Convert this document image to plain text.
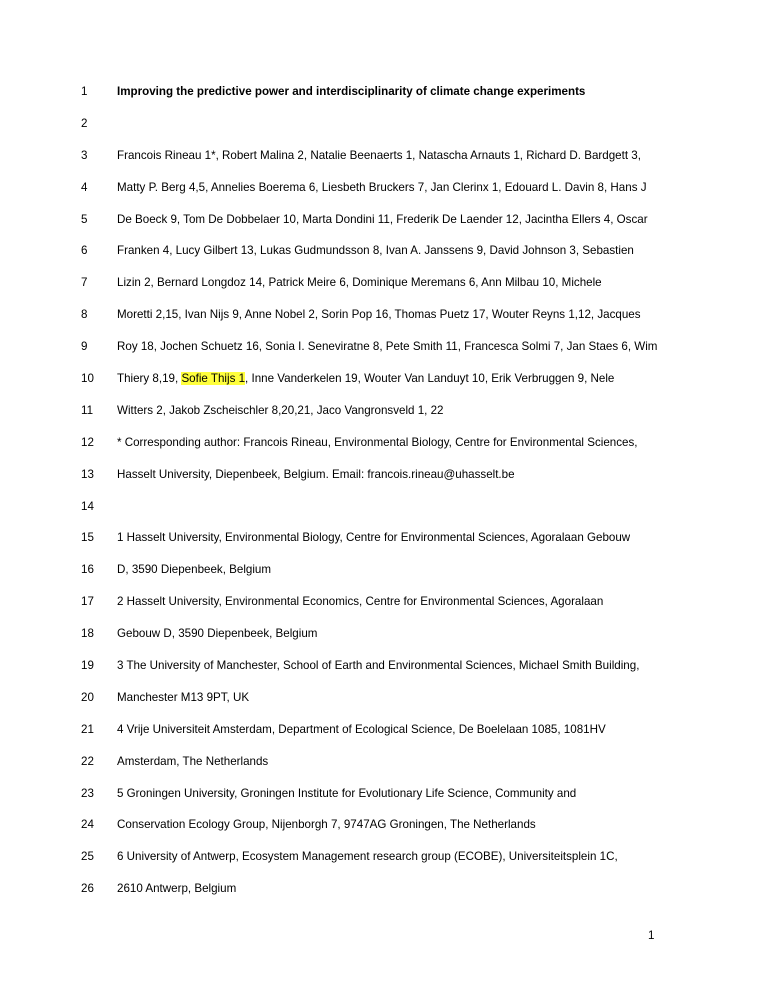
1	Improving the predictive power and interdisciplinarity of climate change experiments
2
3	Francois Rineau 1*, Robert Malina 2, Natalie Beenaerts 1, Natascha Arnauts 1, Richard D. Bardgett 3,
4	Matty P. Berg 4,5, Annelies Boerema 6, Liesbeth Bruckers 7, Jan Clerinx 1, Edouard L. Davin 8, Hans J
5	De Boeck 9, Tom De Dobbelaer 10, Marta Dondini 11, Frederik De Laender 12, Jacintha Ellers 4, Oscar
6	Franken 4, Lucy Gilbert 13, Lukas Gudmundsson 8, Ivan A. Janssens 9, David Johnson 3, Sebastien
7	Lizin 2, Bernard Longdoz 14, Patrick Meire 6, Dominique Meremans 6, Ann Milbau 10, Michele
8	Moretti 2,15, Ivan Nijs 9, Anne Nobel 2, Sorin Pop 16, Thomas Puetz 17, Wouter Reyns 1,12, Jacques
9	Roy 18, Jochen Schuetz 16, Sonia I. Seneviratne 8, Pete Smith 11, Francesca Solmi 7, Jan Staes 6, Wim
10	Thiery 8,19, Sofie Thijs 1, Inne Vanderkelen 19, Wouter Van Landuyt 10, Erik Verbruggen 9, Nele
11	Witters 2, Jakob Zscheischler 8,20,21, Jaco Vangronsveld 1, 22
12	* Corresponding author: Francois Rineau, Environmental Biology, Centre for Environmental Sciences,
13	Hasselt University, Diepenbeek, Belgium. Email: francois.rineau@uhasselt.be
14
15	1 Hasselt University, Environmental Biology, Centre for Environmental Sciences, Agoralaan Gebouw
16	D, 3590 Diepenbeek, Belgium
17	2 Hasselt University, Environmental Economics, Centre for Environmental Sciences, Agoralaan
18	Gebouw D, 3590 Diepenbeek, Belgium
19	3 The University of Manchester, School of Earth and Environmental Sciences, Michael Smith Building,
20	Manchester M13 9PT, UK
21	4 Vrije Universiteit Amsterdam, Department of Ecological Science, De Boelelaan 1085, 1081HV
22	Amsterdam, The Netherlands
23	5 Groningen University, Groningen Institute for Evolutionary Life Science, Community and
24	Conservation Ecology Group, Nijenborgh 7, 9747AG Groningen, The Netherlands
25	6 University of Antwerp, Ecosystem Management research group (ECOBE), Universiteitsplein 1C,
26	2610 Antwerp, Belgium
1
